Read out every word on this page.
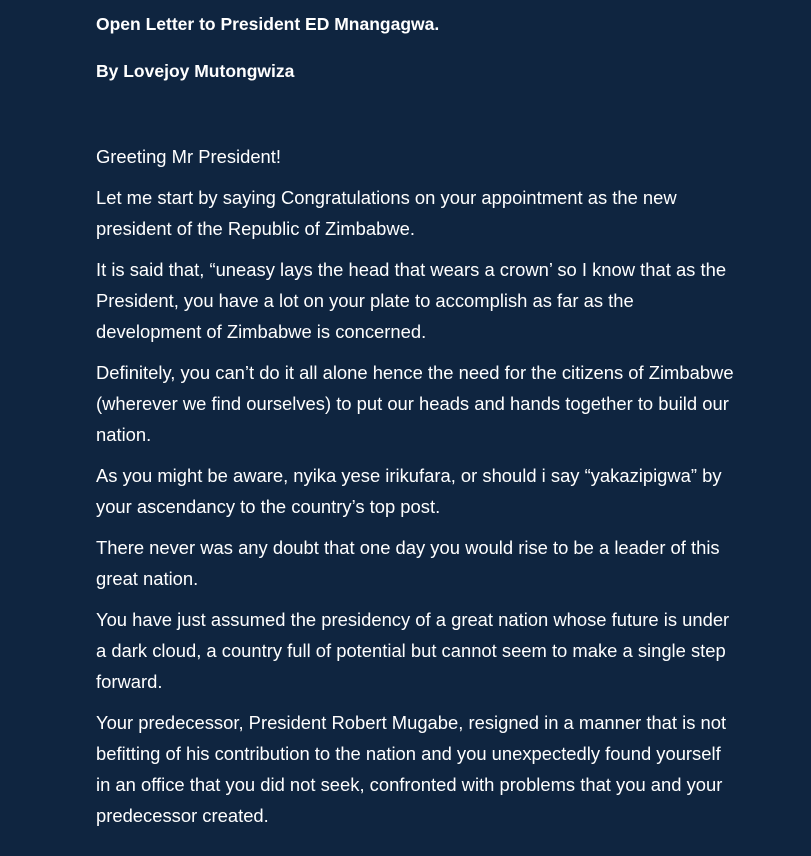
Open Letter to President ED Mnangagwa.

By Lovejoy Mutongwiza

Greeting Mr President!

Let me start by saying Congratulations on your appointment as the new president of the Republic of Zimbabwe.

It is said that, “uneasy lays the head that wears a crown’ so I know that as the President, you have a lot on your plate to accomplish as far as the development of Zimbabwe is concerned.

Definitely, you can’t do it all alone hence the need for the citizens of Zimbabwe (wherever we find ourselves) to put our heads and hands together to build our nation.

As you might be aware, nyika yese irikufara, or should i say “yakazipigwa” by your ascendancy to the country’s top post.

There never was any doubt that one day you would rise to be a leader of this great nation.

You have just assumed the presidency of a great nation whose future is under a dark cloud, a country full of potential but cannot seem to make a single step forward.

Your predecessor, President Robert Mugabe, resigned in a manner that is not befitting of his contribution to the nation and you unexpectedly found yourself in an office that you did not seek, confronted with problems that you and your predecessor created.
